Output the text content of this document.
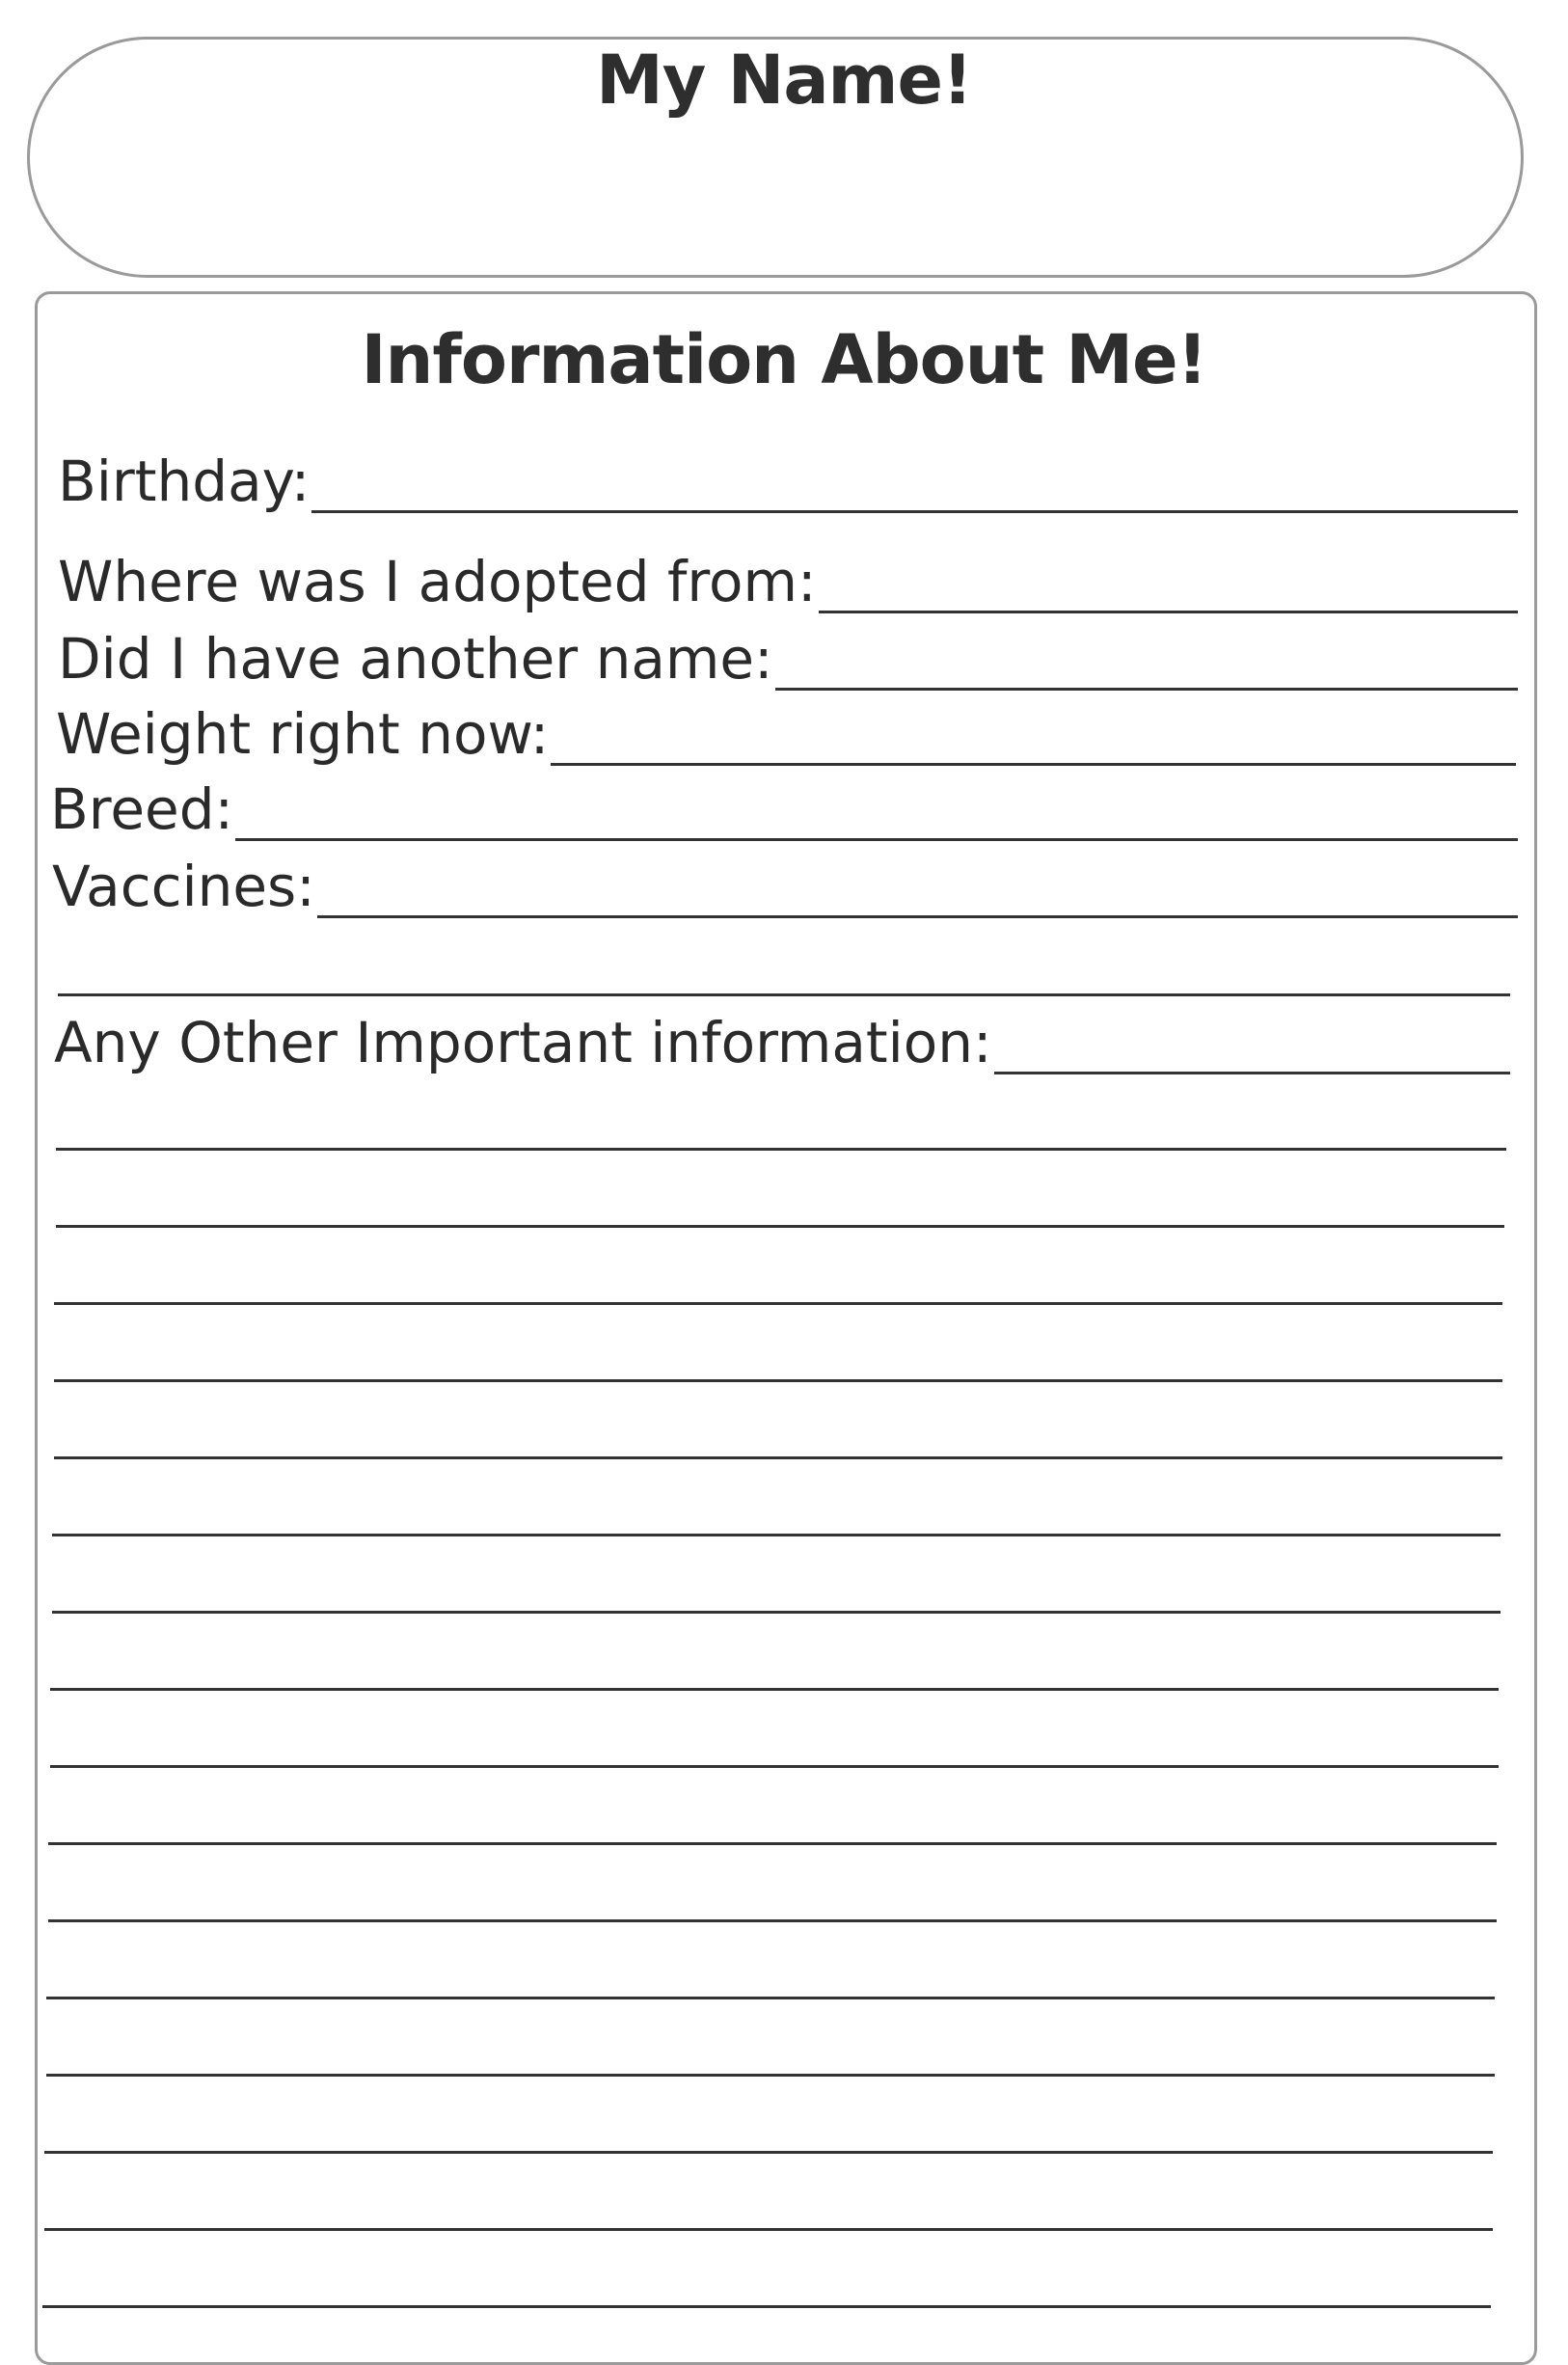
My Name!
Information About Me!
Birthday:
Where was I adopted from:
Did I have another name:
Weight right now:
Breed:
Vaccines:
Any Other Important information:
